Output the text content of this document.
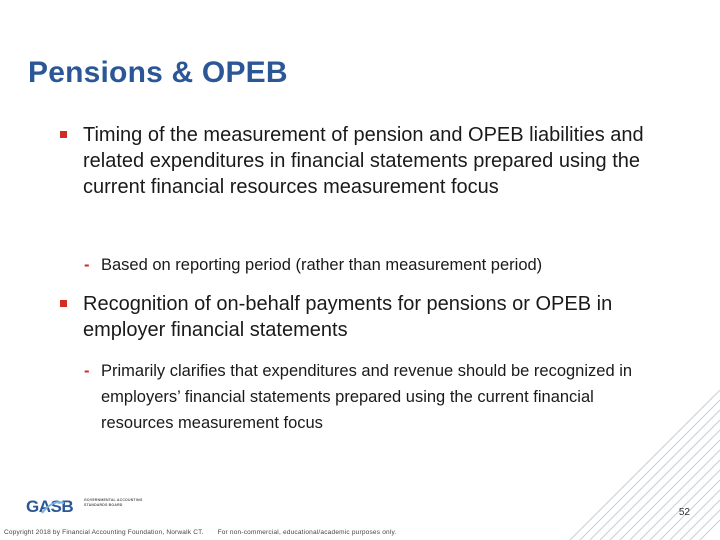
Pensions & OPEB
Timing of the measurement of pension and OPEB liabilities and related expenditures in financial statements prepared using the current financial resources measurement focus
- Based on reporting period (rather than measurement period)
Recognition of on-behalf payments for pensions or OPEB in employer financial statements
- Primarily clarifies that expenditures and revenue should be recognized in employers’ financial statements prepared using the current financial resources measurement focus
GASB	GOVERNMENTAL ACCOUNTING STANDARDS BOARD
52
Copyright 2018 by Financial Accounting Foundation, Norwalk CT. For non-commercial, educational/academic purposes only.
